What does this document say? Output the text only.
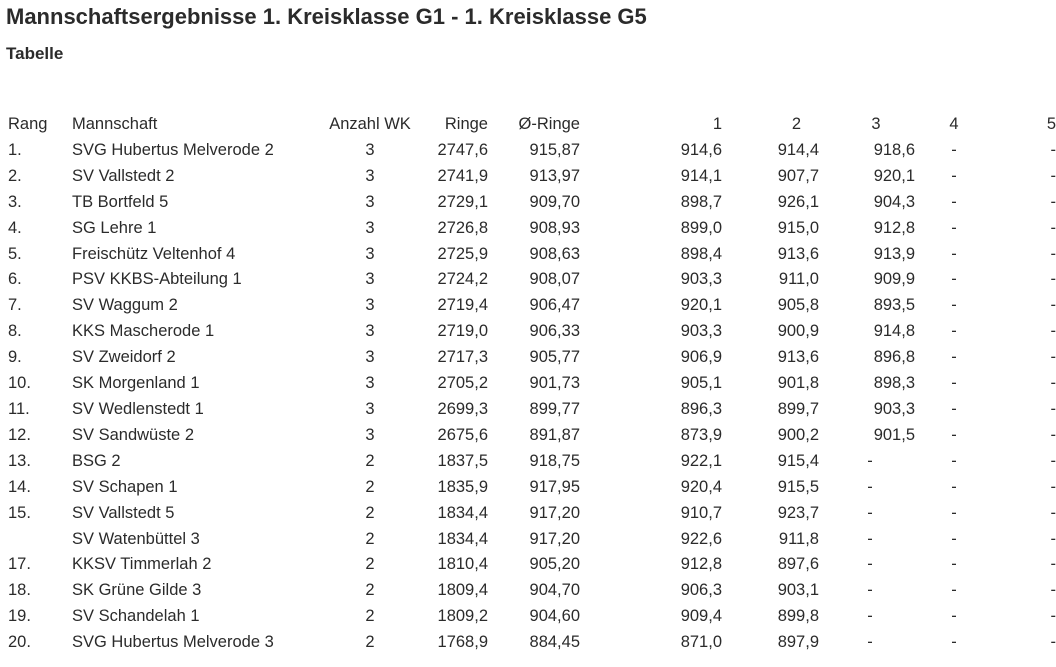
Mannschaftsergebnisse 1. Kreisklasse G1 - 1. Kreisklasse G5
Tabelle
Rang	Mannschaft	Anzahl WK	Ringe	Ø-Ringe	1	2	3	4	5
1.	SVG Hubertus Melverode 2	3	2747,6	915,87	914,6	914,4	918,6	-	-
2.	SV Vallstedt 2	3	2741,9	913,97	914,1	907,7	920,1	-	-
3.	TB Bortfeld 5	3	2729,1	909,70	898,7	926,1	904,3	-	-
4.	SG Lehre 1	3	2726,8	908,93	899,0	915,0	912,8	-	-
5.	Freischütz Veltenhof 4	3	2725,9	908,63	898,4	913,6	913,9	-	-
6.	PSV KKBS-Abteilung 1	3	2724,2	908,07	903,3	911,0	909,9	-	-
7.	SV Waggum 2	3	2719,4	906,47	920,1	905,8	893,5	-	-
8.	KKS Mascherode 1	3	2719,0	906,33	903,3	900,9	914,8	-	-
9.	SV Zweidorf 2	3	2717,3	905,77	906,9	913,6	896,8	-	-
10.	SK Morgenland 1	3	2705,2	901,73	905,1	901,8	898,3	-	-
11.	SV Wedlenstedt 1	3	2699,3	899,77	896,3	899,7	903,3	-	-
12.	SV Sandwüste 2	3	2675,6	891,87	873,9	900,2	901,5	-	-
13.	BSG 2	2	1837,5	918,75	922,1	915,4	-	-	-
14.	SV Schapen 1	2	1835,9	917,95	920,4	915,5	-	-	-
15.	SV Vallstedt 5	2	1834,4	917,20	910,7	923,7	-	-	-
	SV Watenbüttel 3	2	1834,4	917,20	922,6	911,8	-	-	-
17.	KKSV Timmerlah 2	2	1810,4	905,20	912,8	897,6	-	-	-
18.	SK Grüne Gilde 3	2	1809,4	904,70	906,3	903,1	-	-	-
19.	SV Schandelah 1	2	1809,2	904,60	909,4	899,8	-	-	-
20.	SVG Hubertus Melverode 3	2	1768,9	884,45	871,0	897,9	-	-	-
